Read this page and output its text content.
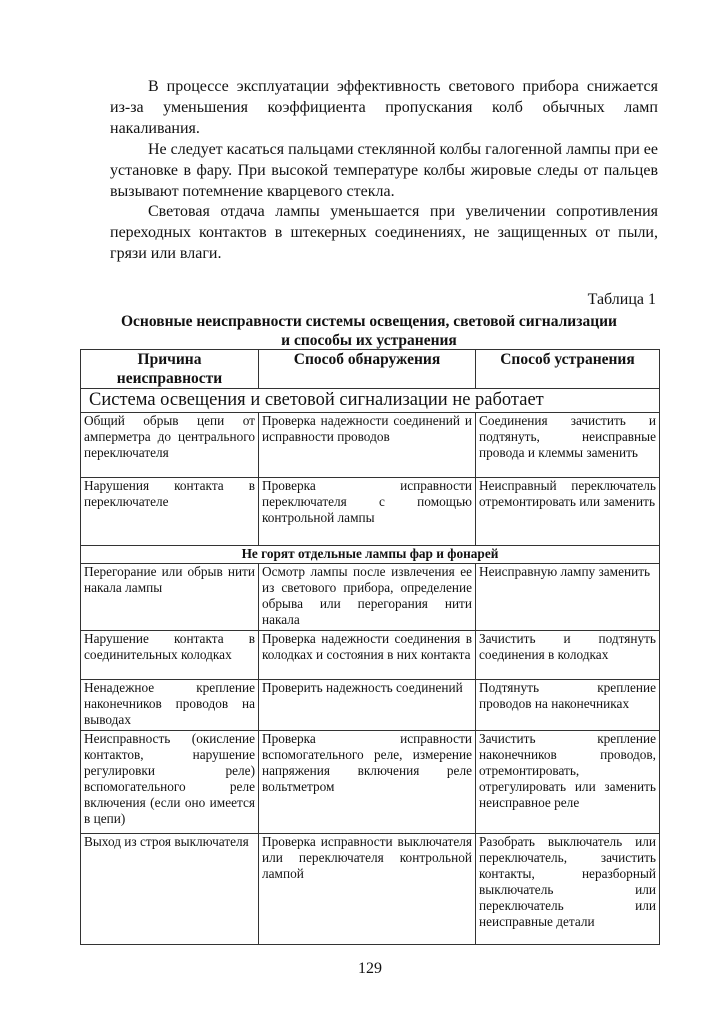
В процессе эксплуатации эффективность светового прибора снижается из-за уменьшения коэффициента пропускания колб обычных ламп накаливания.

Не следует касаться пальцами стеклянной колбы галогенной лампы при ее установке в фару. При высокой температуре колбы жировые следы от пальцев вызывают потемнение кварцевого стекла.

Световая отдача лампы уменьшается при увеличении сопротивления переходных контактов в штекерных соединениях, не защищенных от пыли, грязи или влаги.

Таблица 1
Основные неисправности системы освещения, световой сигнализации
и способы их устранения
Причина неисправности	Способ обнаружения	Способ устранения
Система освещения и световой сигнализации не работает		
Общий обрыв цепи от амперметра до центрального переключателя	Проверка надежности соединений и исправности проводов	Соединения зачистить и подтянуть, неисправные провода и клеммы заменить
Нарушения контакта в переключателе	Проверка исправности переключателя с помощью контрольной лампы	Неисправный переключатель отремонтировать или заменить
Не горят отдельные лампы фар и фонарей		
Перегорание или обрыв нити накала лампы	Осмотр лампы после извлечения ее из светового прибора, определение обрыва или перегорания нити накала	Неисправную лампу заменить
Нарушение контакта в соединительных колодках	Проверка надежности соединения в колодках и состояния в них контакта	Зачистить и подтянуть соединения в колодках
Ненадежное крепление наконечников проводов на выводах	Проверить надежность соединений	Подтянуть крепление проводов на наконечниках
Неисправность (окисление контактов, нарушение регулировки реле) вспомогательного реле включения (если оно имеется в цепи)	Проверка исправности вспомогательного реле, измерение напряжения включения реле вольтметром	Зачистить крепление наконечников проводов, отремонтировать, отрегулировать или заменить неисправное реле
Выход из строя выключателя	Проверка исправности выключателя или переключателя контрольной лампой	Разобрать выключатель или переключатель, зачистить контакты, неразборный выключатель или переключатель или неисправные детали
129
